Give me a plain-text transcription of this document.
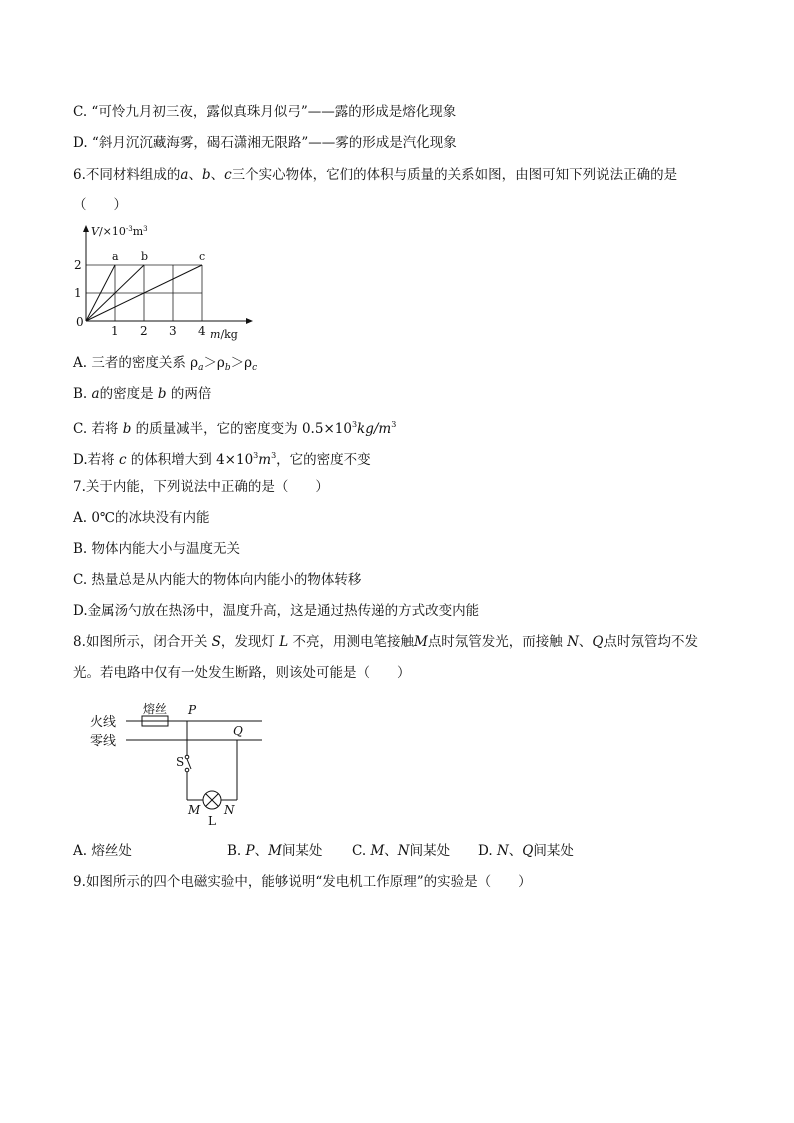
C. “可怜九月初三夜，露似真珠月似弓”——露的形成是熔化现象
D. “斜月沉沉藏海雾，碣石潇湘无限路”——雾的形成是汽化现象
6.不同材料组成的a、b、c三个实心物体，它们的体积与质量的关系如图，由图可知下列说法正确的是
（　　）
a b	c
1 2 3 4
1
2
$V/\times 10^{-3}m^3$
m/kg
0
A. 三者的密度关系 $\rho_a>\rho_b>\rho_c$
B. a的密度是 b 的两倍
C. 若将 b 的质量减半，它的密度变为 $0.5\times 10^3kg/m^3$
D.若将 c 的体积增大到 $4\times 10^3m^3$，它的密度不变
7.关于内能，下列说法中正确的是（　　）
A. 0℃的冰块没有内能
B. 物体内能大小与温度无关
C. 热量总是从内能大的物体向内能小的物体转移
D.金属汤勺放在热汤中，温度升高，这是通过热传递的方式改变内能
8.如图所示，闭合开关 S，发现灯 L 不亮，用测电笔接触M点时氖管发光，而接触 N、Q点时氖管均不发
光。若电路中仅有一处发生断路，则该处可能是（　　）
火线
零线
熔丝 P
Q
S
M N
L
A. 熔丝处	B. P、M间某处 C. M、N间某处 D. N、Q间某处
9.如图所示的四个电磁实验中，能够说明“发电机工作原理”的实验是（　　）
